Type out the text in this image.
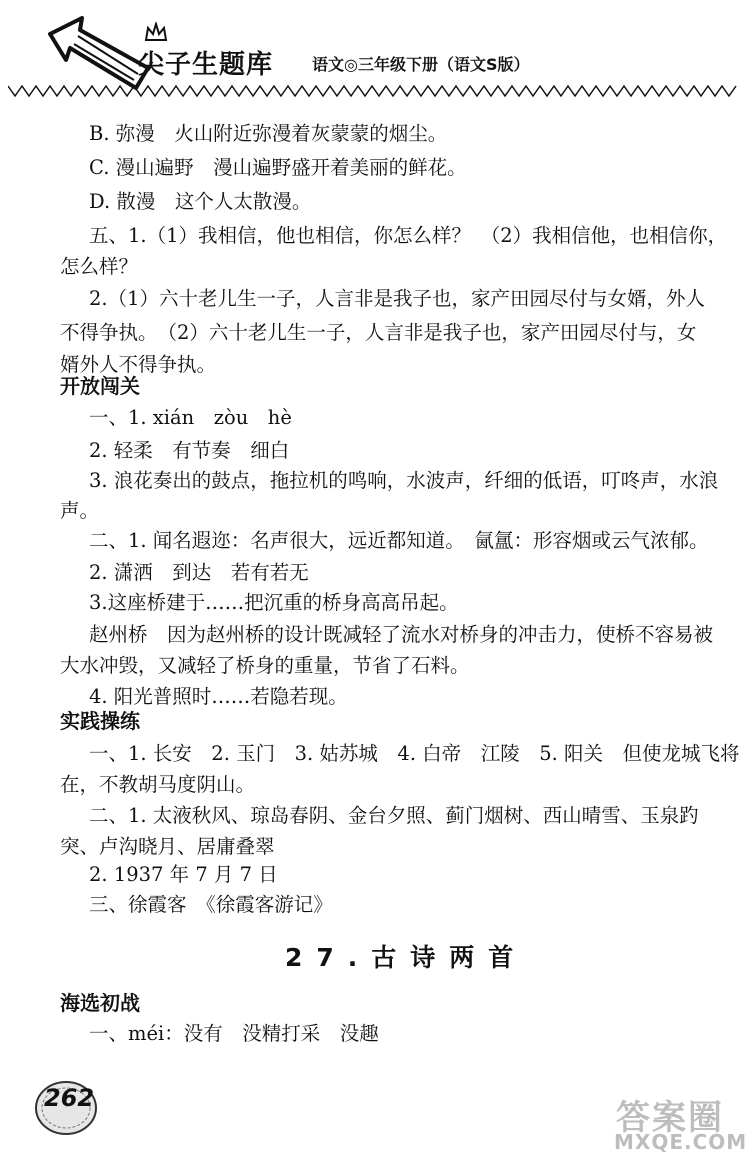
尖子生题库 语文◎三年级下册（语文S版）
B. 弥漫　火山附近弥漫着灰蒙蒙的烟尘。
C. 漫山遍野　漫山遍野盛开着美丽的鲜花。
D. 散漫　这个人太散漫。
五、1.（1）我相信，他也相信，你怎么样？　（2）我相信他，也相信你，
怎么样？
2.（1）六十老儿生一子，人言非是我子也，家产田园尽付与女婿，外人
不得争执。　（2）六十老儿生一子，人言非是我子也，家产田园尽付与，女
婿外人不得争执。
开放闯关
一、1. xián　zòu　hè
2. 轻柔　有节奏　细白
3. 浪花奏出的鼓点，拖拉机的鸣响，水波声，纤细的低语，叮咚声，水浪
声。
二、1. 闻名遐迩：名声很大，远近都知道。　氤氲：形容烟或云气浓郁。
2. 潇洒　到达　若有若无
3.这座桥建于……把沉重的桥身高高吊起。
赵州桥　因为赵州桥的设计既减轻了流水对桥身的冲击力，使桥不容易被
大水冲毁，又减轻了桥身的重量，节省了石料。
4. 阳光普照时……若隐若现。
实践操练
一、1. 长安　2. 玉门　3. 姑苏城　4. 白帝　江陵　5. 阳关　但使龙城飞将
在，不教胡马度阴山。
二、1. 太液秋风、琼岛春阴、金台夕照、蓟门烟树、西山晴雪、玉泉趵
突、卢沟晓月、居庸叠翠
2. 1937 年 7 月 7 日
三、徐霞客　《徐霞客游记》
海选初战
一、méi：没有　没精打采　没趣
27.古诗两首
262	答案圈
MXQE.COM
